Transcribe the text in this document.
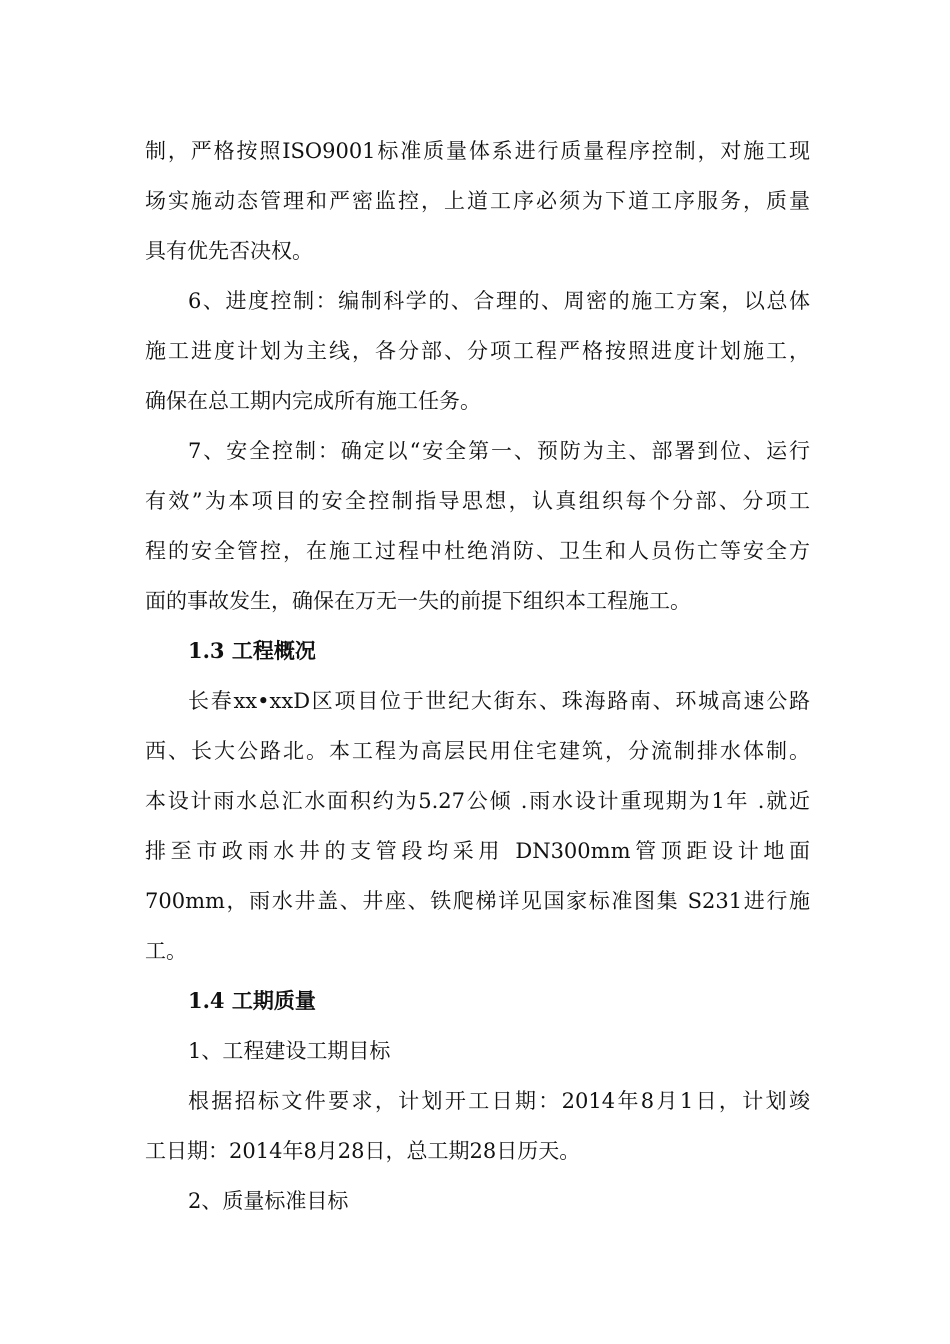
制，严格按照ISO9001标准质量体系进行质量程序控制，对施工现
场实施动态管理和严密监控，上道工序必须为下道工序服务，质量
具有优先否决权。
6、进度控制：编制科学的、合理的、周密的施工方案，以总体
施工进度计划为主线，各分部、分项工程严格按照进度计划施工，
确保在总工期内完成所有施工任务。
7、安全控制：确定以“安全第一、预防为主、部署到位、运行
有效”为本项目的安全控制指导思想，认真组织每个分部、分项工
程的安全管控，在施工过程中杜绝消防、卫生和人员伤亡等安全方
面的事故发生，确保在万无一失的前提下组织本工程施工。
1.3 工程概况
长春xx•xxD区项目位于世纪大街东、珠海路南、环城高速公路
西、长大公路北。本工程为高层民用住宅建筑，分流制排水体制。
本设计雨水总汇水面积约为5.27公倾 .雨水设计重现期为1年 .就近
排至市政雨水井的支管段均采用 DN300mm管顶距设计地面
700mm，雨水井盖、井座、铁爬梯详见国家标准图集 S231进行施
工。
1.4 工期质量
1、工程建设工期目标
根据招标文件要求，计划开工日期：2014年8月1日，计划竣
工日期：2014年8月28日，总工期28日历天。
2、质量标准目标
